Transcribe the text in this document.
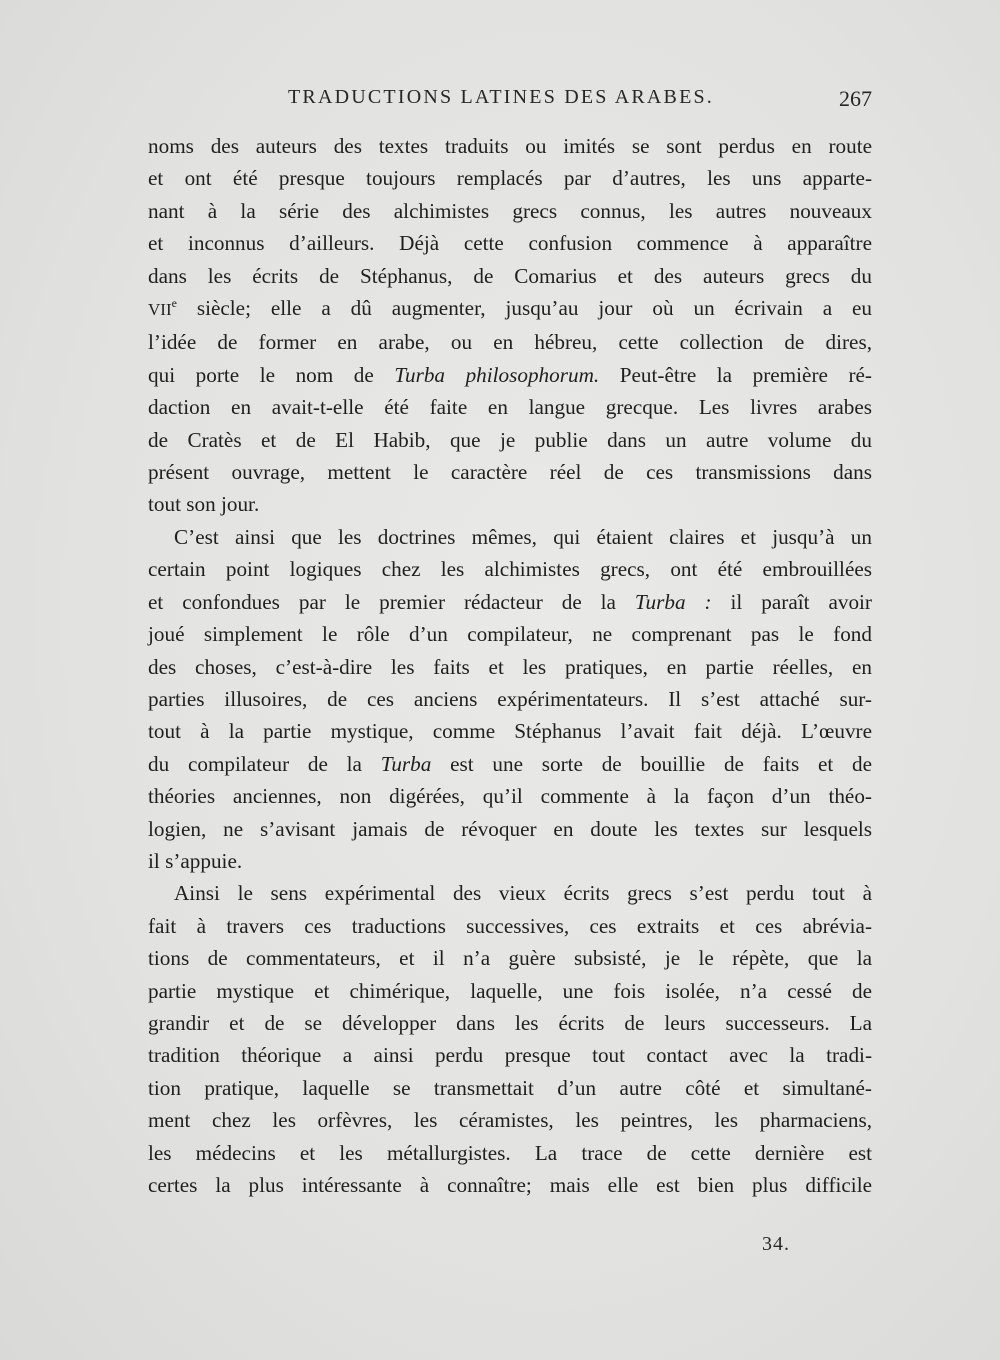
TRADUCTIONS LATINES DES ARABES.	267
noms des auteurs des textes traduits ou imités se sont perdus en route
et ont été presque toujours remplacés par d’autres, les uns apparte-
nant à la série des alchimistes grecs connus, les autres nouveaux
et inconnus d’ailleurs. Déjà cette confusion commence à apparaître
dans les écrits de Stéphanus, de Comarius et des auteurs grecs du
VIIe siècle; elle a dû augmenter, jusqu’au jour où un écrivain a eu
l’idée de former en arabe, ou en hébreu, cette collection de dires,
qui porte le nom de Turba philosophorum. Peut-être la première ré-
daction en avait-t-elle été faite en langue grecque. Les livres arabes
de Cratès et de El Habib, que je publie dans un autre volume du
présent ouvrage, mettent le caractère réel de ces transmissions dans
tout son jour.
C’est ainsi que les doctrines mêmes, qui étaient claires et jusqu’à un
certain point logiques chez les alchimistes grecs, ont été embrouillées
et confondues par le premier rédacteur de la Turba : il paraît avoir
joué simplement le rôle d’un compilateur, ne comprenant pas le fond
des choses, c’est-à-dire les faits et les pratiques, en partie réelles, en
parties illusoires, de ces anciens expérimentateurs. Il s’est attaché sur-
tout à la partie mystique, comme Stéphanus l’avait fait déjà. L’œuvre
du compilateur de la Turba est une sorte de bouillie de faits et de
théories anciennes, non digérées, qu’il commente à la façon d’un théo-
logien, ne s’avisant jamais de révoquer en doute les textes sur lesquels
il s’appuie.
Ainsi le sens expérimental des vieux écrits grecs s’est perdu tout à
fait à travers ces traductions successives, ces extraits et ces abrévia-
tions de commentateurs, et il n’a guère subsisté, je le répète, que la
partie mystique et chimérique, laquelle, une fois isolée, n’a cessé de
grandir et de se développer dans les écrits de leurs successeurs. La
tradition théorique a ainsi perdu presque tout contact avec la tradi-
tion pratique, laquelle se transmettait d’un autre côté et simultané-
ment chez les orfèvres, les céramistes, les peintres, les pharmaciens,
les médecins et les métallurgistes. La trace de cette dernière est
certes la plus intéressante à connaître; mais elle est bien plus difficile
34.
